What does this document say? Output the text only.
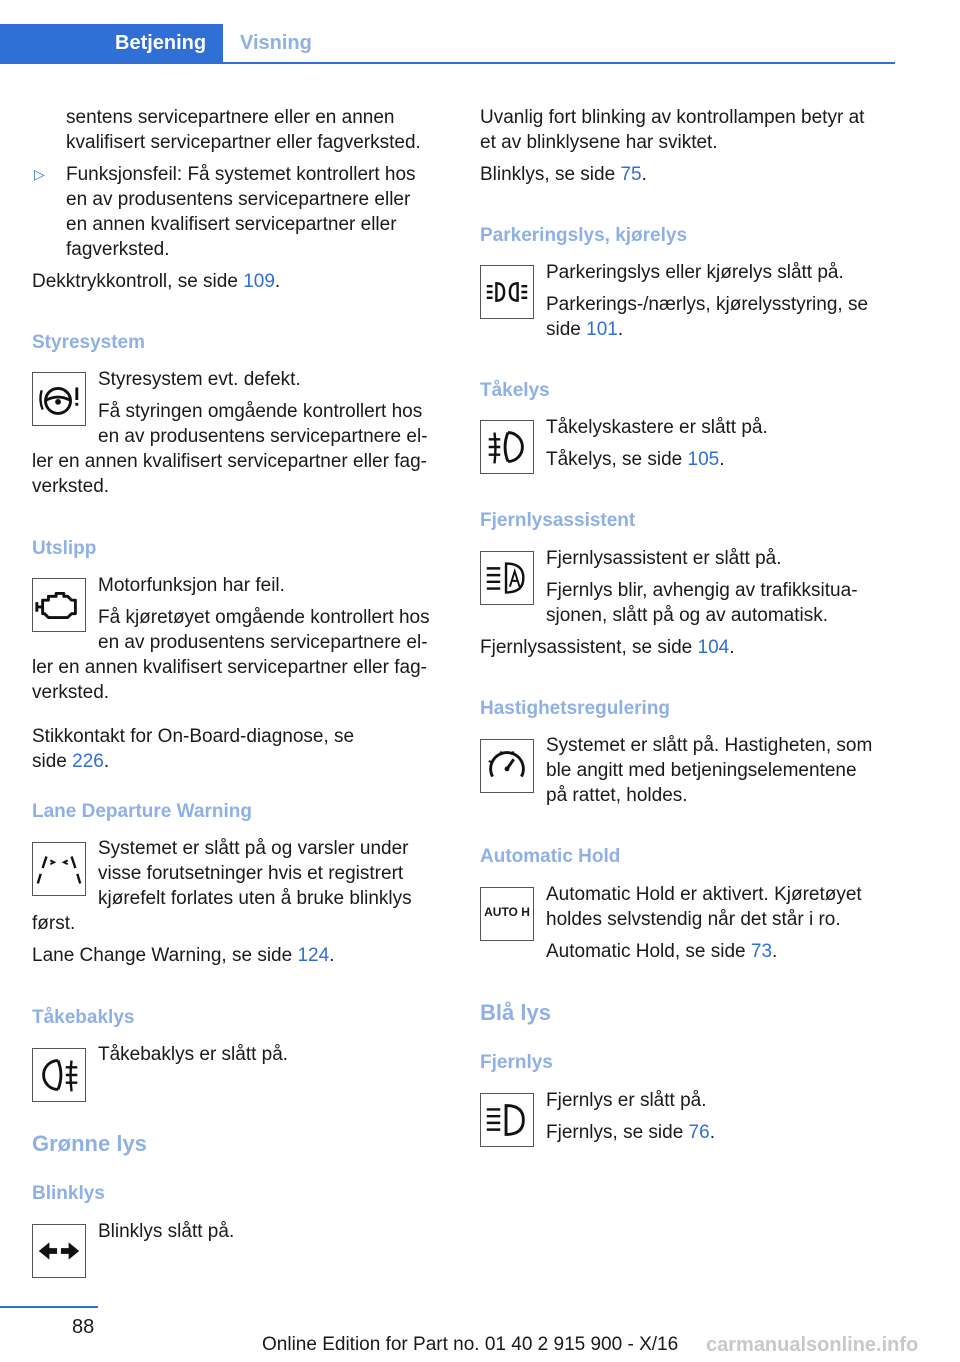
Betjening Visning
sentens servicepartnere eller en annen
kvalifisert servicepartner eller fagverksted.
▷ Funksjonsfeil: Få systemet kontrollert hos
en av produsentens servicepartnere eller
en annen kvalifisert servicepartner eller
fagverksted.
Dekktrykkontroll, se side 109.
Styresystem
Styresystem evt. defekt.
Få styringen omgående kontrollert hos
en av produsentens servicepartnere el‐
ler en annen kvalifisert servicepartner eller fag‐
verksted.
Utslipp
Motorfunksjon har feil.
Få kjøretøyet omgående kontrollert hos
en av produsentens servicepartnere el‐
ler en annen kvalifisert servicepartner eller fag‐
verksted.
Stikkontakt for On-Board-diagnose, se
side 226.
Lane Departure Warning
Systemet er slått på og varsler under
visse forutsetninger hvis et registrert
kjørefelt forlates uten å bruke blinklys
først.
Lane Change Warning, se side 124.
Tåkebaklys
Tåkebaklys er slått på.
Grønne lys
Blinklys
Blinklys slått på.
Uvanlig fort blinking av kontrollampen betyr at
et av blinklysene har sviktet.
Blinklys, se side 75.
Parkeringslys, kjørelys
Parkeringslys eller kjørelys slått på.
Parkerings-/nærlys, kjørelysstyring, se
side 101.
Tåkelys
Tåkelyskastere er slått på.
Tåkelys, se side 105.
Fjernlysassistent
Fjernlysassistent er slått på.
Fjernlys blir, avhengig av trafikksitua‐
sjonen, slått på og av automatisk.
Fjernlysassistent, se side 104.
Hastighetsregulering
Systemet er slått på. Hastigheten, som
ble angitt med betjeningselementene
på rattet, holdes.
Automatic Hold
AUTO H
Automatic Hold er aktivert. Kjøretøyet
holdes selvstendig når det står i ro.
Automatic Hold, se side 73.
Blå lys
Fjernlys
Fjernlys er slått på.
Fjernlys, se side 76.
88
Online Edition for Part no. 01 40 2 915 900 - X/16 carmanualsonline.info
